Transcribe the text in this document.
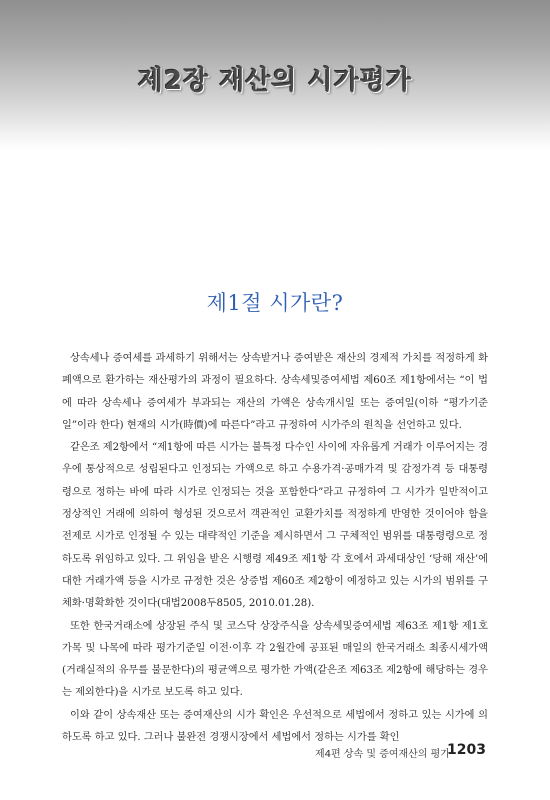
제2장 재산의 시가평가
제1절 시가란?

상속세나 증여세를 과세하기 위해서는 상속받거나 증여받은 재산의 경제적 가치를 적정하게 화폐액으로 환가하는 재산평가의 과정이 필요하다. 상속세및증여세법 제60조 제1항에서는 “이 법에 따라 상속세나 증여세가 부과되는 재산의 가액은 상속개시일 또는 증여일(이하 “평가기준일”이라 한다) 현재의 시가(時價)에 따른다”라고 규정하여 시가주의 원칙을 선언하고 있다.

같은조 제2항에서 “제1항에 따른 시가는 불특정 다수인 사이에 자유롭게 거래가 이루어지는 경우에 통상적으로 성립된다고 인정되는 가액으로 하고 수용가격·공매가격 및 감정가격 등 대통령령으로 정하는 바에 따라 시가로 인정되는 것을 포함한다”라고 규정하여 그 시가가 일반적이고 정상적인 거래에 의하여 형성된 것으로서 객관적인 교환가치를 적정하게 반영한 것이어야 함을 전제로 시가로 인정될 수 있는 대략적인 기준을 제시하면서 그 구체적인 범위를 대통령령으로 정하도록 위임하고 있다. 그 위임을 받은 시행령 제49조 제1항 각 호에서 과세대상인 ‘당해 재산’에 대한 거래가액 등을 시가로 규정한 것은 상증법 제60조 제2항이 예정하고 있는 시가의 범위를 구체화·명확화한 것이다(대법2008두8505, 2010.01.28).

또한 한국거래소에 상장된 주식 및 코스닥 상장주식을 상속세및증여세법 제63조 제1항 제1호 가목 및 나목에 따라 평가기준일 이전·이후 각 2월간에 공표된 매일의 한국거래소 최종시세가액(거래실적의 유무를 불문한다)의 평균액으로 평가한 가액(같은조 제63조 제2항에 해당하는 경우는 제외한다)을 시가로 보도록 하고 있다.

이와 같이 상속재산 또는 증여재산의 시가 확인은 우선적으로 세법에서 정하고 있는 시가에 의하도록 하고 있다. 그러나 불완전 경쟁시장에서 세법에서 정하는 시가를 확인

제4편 상속 및 증여재산의 평가
1203
